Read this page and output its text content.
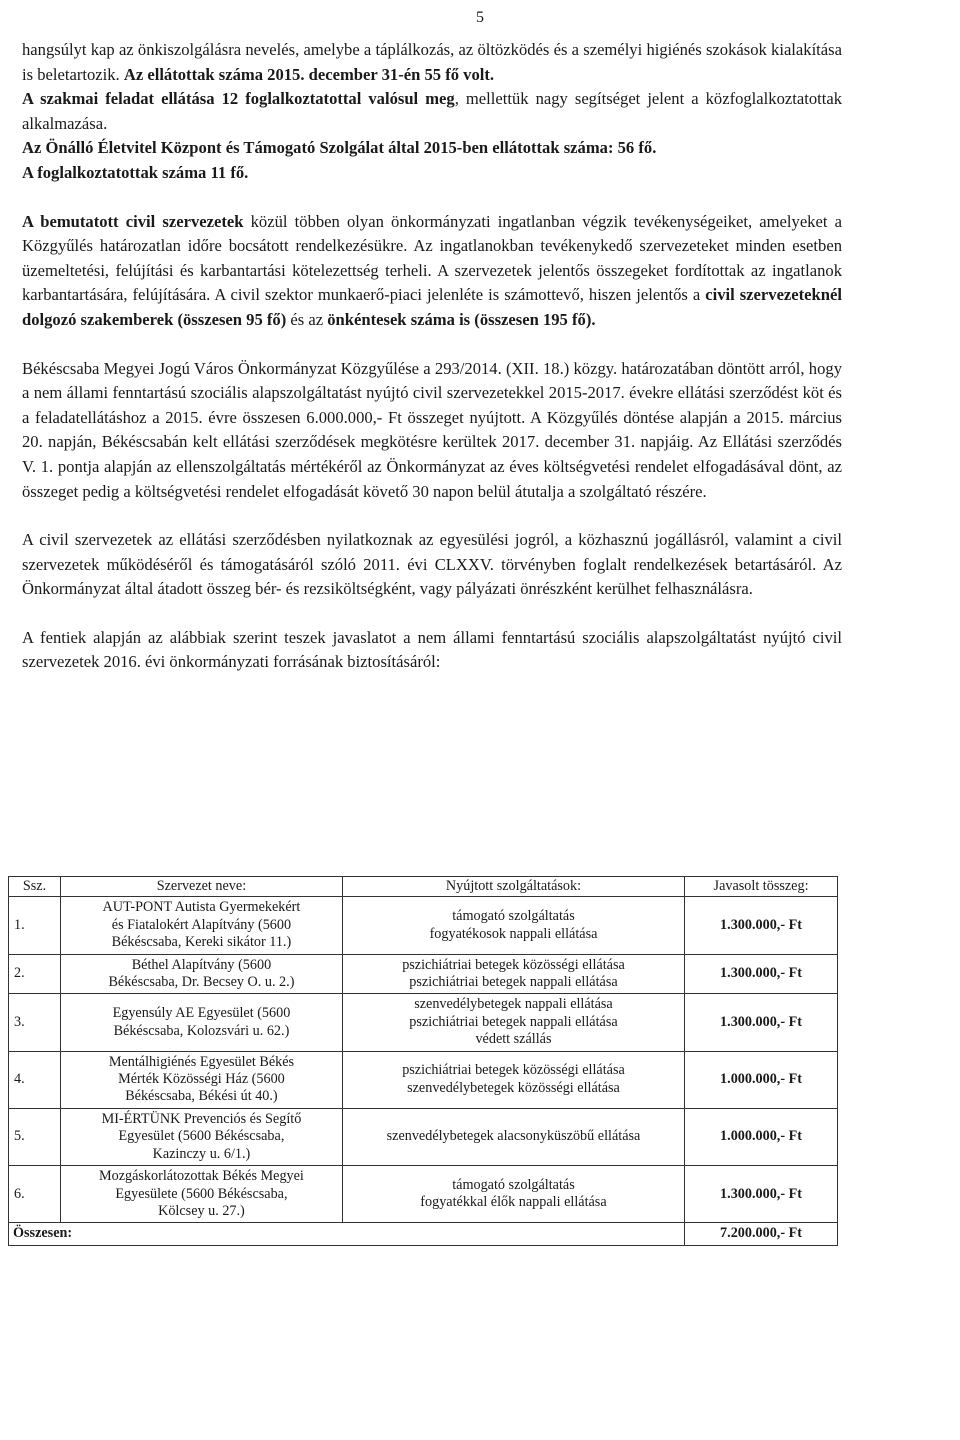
5

hangsúlyt kap az önkiszolgálásra nevelés, amelybe a táplálkozás, az öltözködés és a személyi higiénés szokások kialakítása is beletartozik. Az ellátottak száma 2015. december 31-én 55 fő volt.

A szakmai feladat ellátása 12 foglalkoztatottal valósul meg, mellettük nagy segítséget jelent a közfoglalkoztatottak alkalmazása.

Az Önálló Életvitel Központ és Támogató Szolgálat által 2015-ben ellátottak száma: 56 fő.

A foglalkoztatottak száma 11 fő.

A bemutatott civil szervezetek közül többen olyan önkormányzati ingatlanban végzik tevékenységeiket, amelyeket a Közgyűlés határozatlan időre bocsátott rendelkezésükre. Az ingatlanokban tevékenykedő szervezeteket minden esetben üzemeltetési, felújítási és karbantartási kötelezettség terheli. A szervezetek jelentős összegeket fordítottak az ingatlanok karbantartására, felújítására. A civil szektor munkaerő-piaci jelenléte is számottevő, hiszen jelentős a civil szervezeteknél dolgozó szakemberek (összesen 95 fő) és az önkéntesek száma is (összesen 195 fő).

Békéscsaba Megyei Jogú Város Önkormányzat Közgyűlése a 293/2014. (XII. 18.) közgy. határozatában döntött arról, hogy a nem állami fenntartású szociális alapszolgáltatást nyújtó civil szervezetekkel 2015-2017. évekre ellátási szerződést köt és a feladatellátáshoz a 2015. évre összesen 6.000.000,- Ft összeget nyújtott. A Közgyűlés döntése alapján a 2015. március 20. napján, Békéscsabán kelt ellátási szerződések megkötésre kerültek 2017. december 31. napjáig. Az Ellátási szerződés V. 1. pontja alapján az ellenszolgáltatás mértékéről az Önkormányzat az éves költségvetési rendelet elfogadásával dönt, az összeget pedig a költségvetési rendelet elfogadását követő 30 napon belül átutalja a szolgáltató részére.

A civil szervezetek az ellátási szerződésben nyilatkoznak az egyesülési jogról, a közhasznú jogállásról, valamint a civil szervezetek működéséről és támogatásáról szóló 2011. évi CLXXV. törvényben foglalt rendelkezések betartásáról. Az Önkormányzat által átadott összeg bér- és rezsiköltségként, vagy pályázati önrészként kerülhet felhasználásra.

A fentiek alapján az alábbiak szerint teszek javaslatot a nem állami fenntartású szociális alapszolgáltatást nyújtó civil szervezetek 2016. évi önkormányzati forrásának biztosításáról:

Ssz.	Szervezet neve:	Nyújtott szolgáltatások:	Javasolt tösszeg:
1.	AUT-PONT Autista Gyermekekért
és Fiatalokért Alapítvány (5600
Békéscsaba, Kereki sikátor 11.)	támogató szolgáltatás
fogyatékosok nappali ellátása	1.300.000,- Ft
2.	Béthel Alapítvány (5600
Békéscsaba, Dr. Becsey O. u. 2.)	pszichiátriai betegek közösségi ellátása
pszichiátriai betegek nappali ellátása	1.300.000,- Ft
3.	Egyensúly AE Egyesület (5600
Békéscsaba, Kolozsvári u. 62.)	szenvedélybetegek nappali ellátása
pszichiátriai betegek nappali ellátása
védett szállás	1.300.000,- Ft
4.	Mentálhigiénés Egyesület Békés
Mérték Közösségi Ház (5600
Békéscsaba, Békési út 40.)	pszichiátriai betegek közösségi ellátása
szenvedélybetegek közösségi ellátása	1.000.000,- Ft
5.	MI-ÉRTÜNK Prevenciós és Segítő
Egyesület (5600 Békéscsaba,
Kazinczy u. 6/1.)	szenvedélybetegek alacsonyküszöbű ellátása	1.000.000,- Ft
6.	Mozgáskorlátozottak Békés Megyei
Egyesülete (5600 Békéscsaba,
Kölcsey u. 27.)	támogató szolgáltatás
fogyatékkal élők nappali ellátása	1.300.000,- Ft
Összesen:			7.200.000,- Ft
